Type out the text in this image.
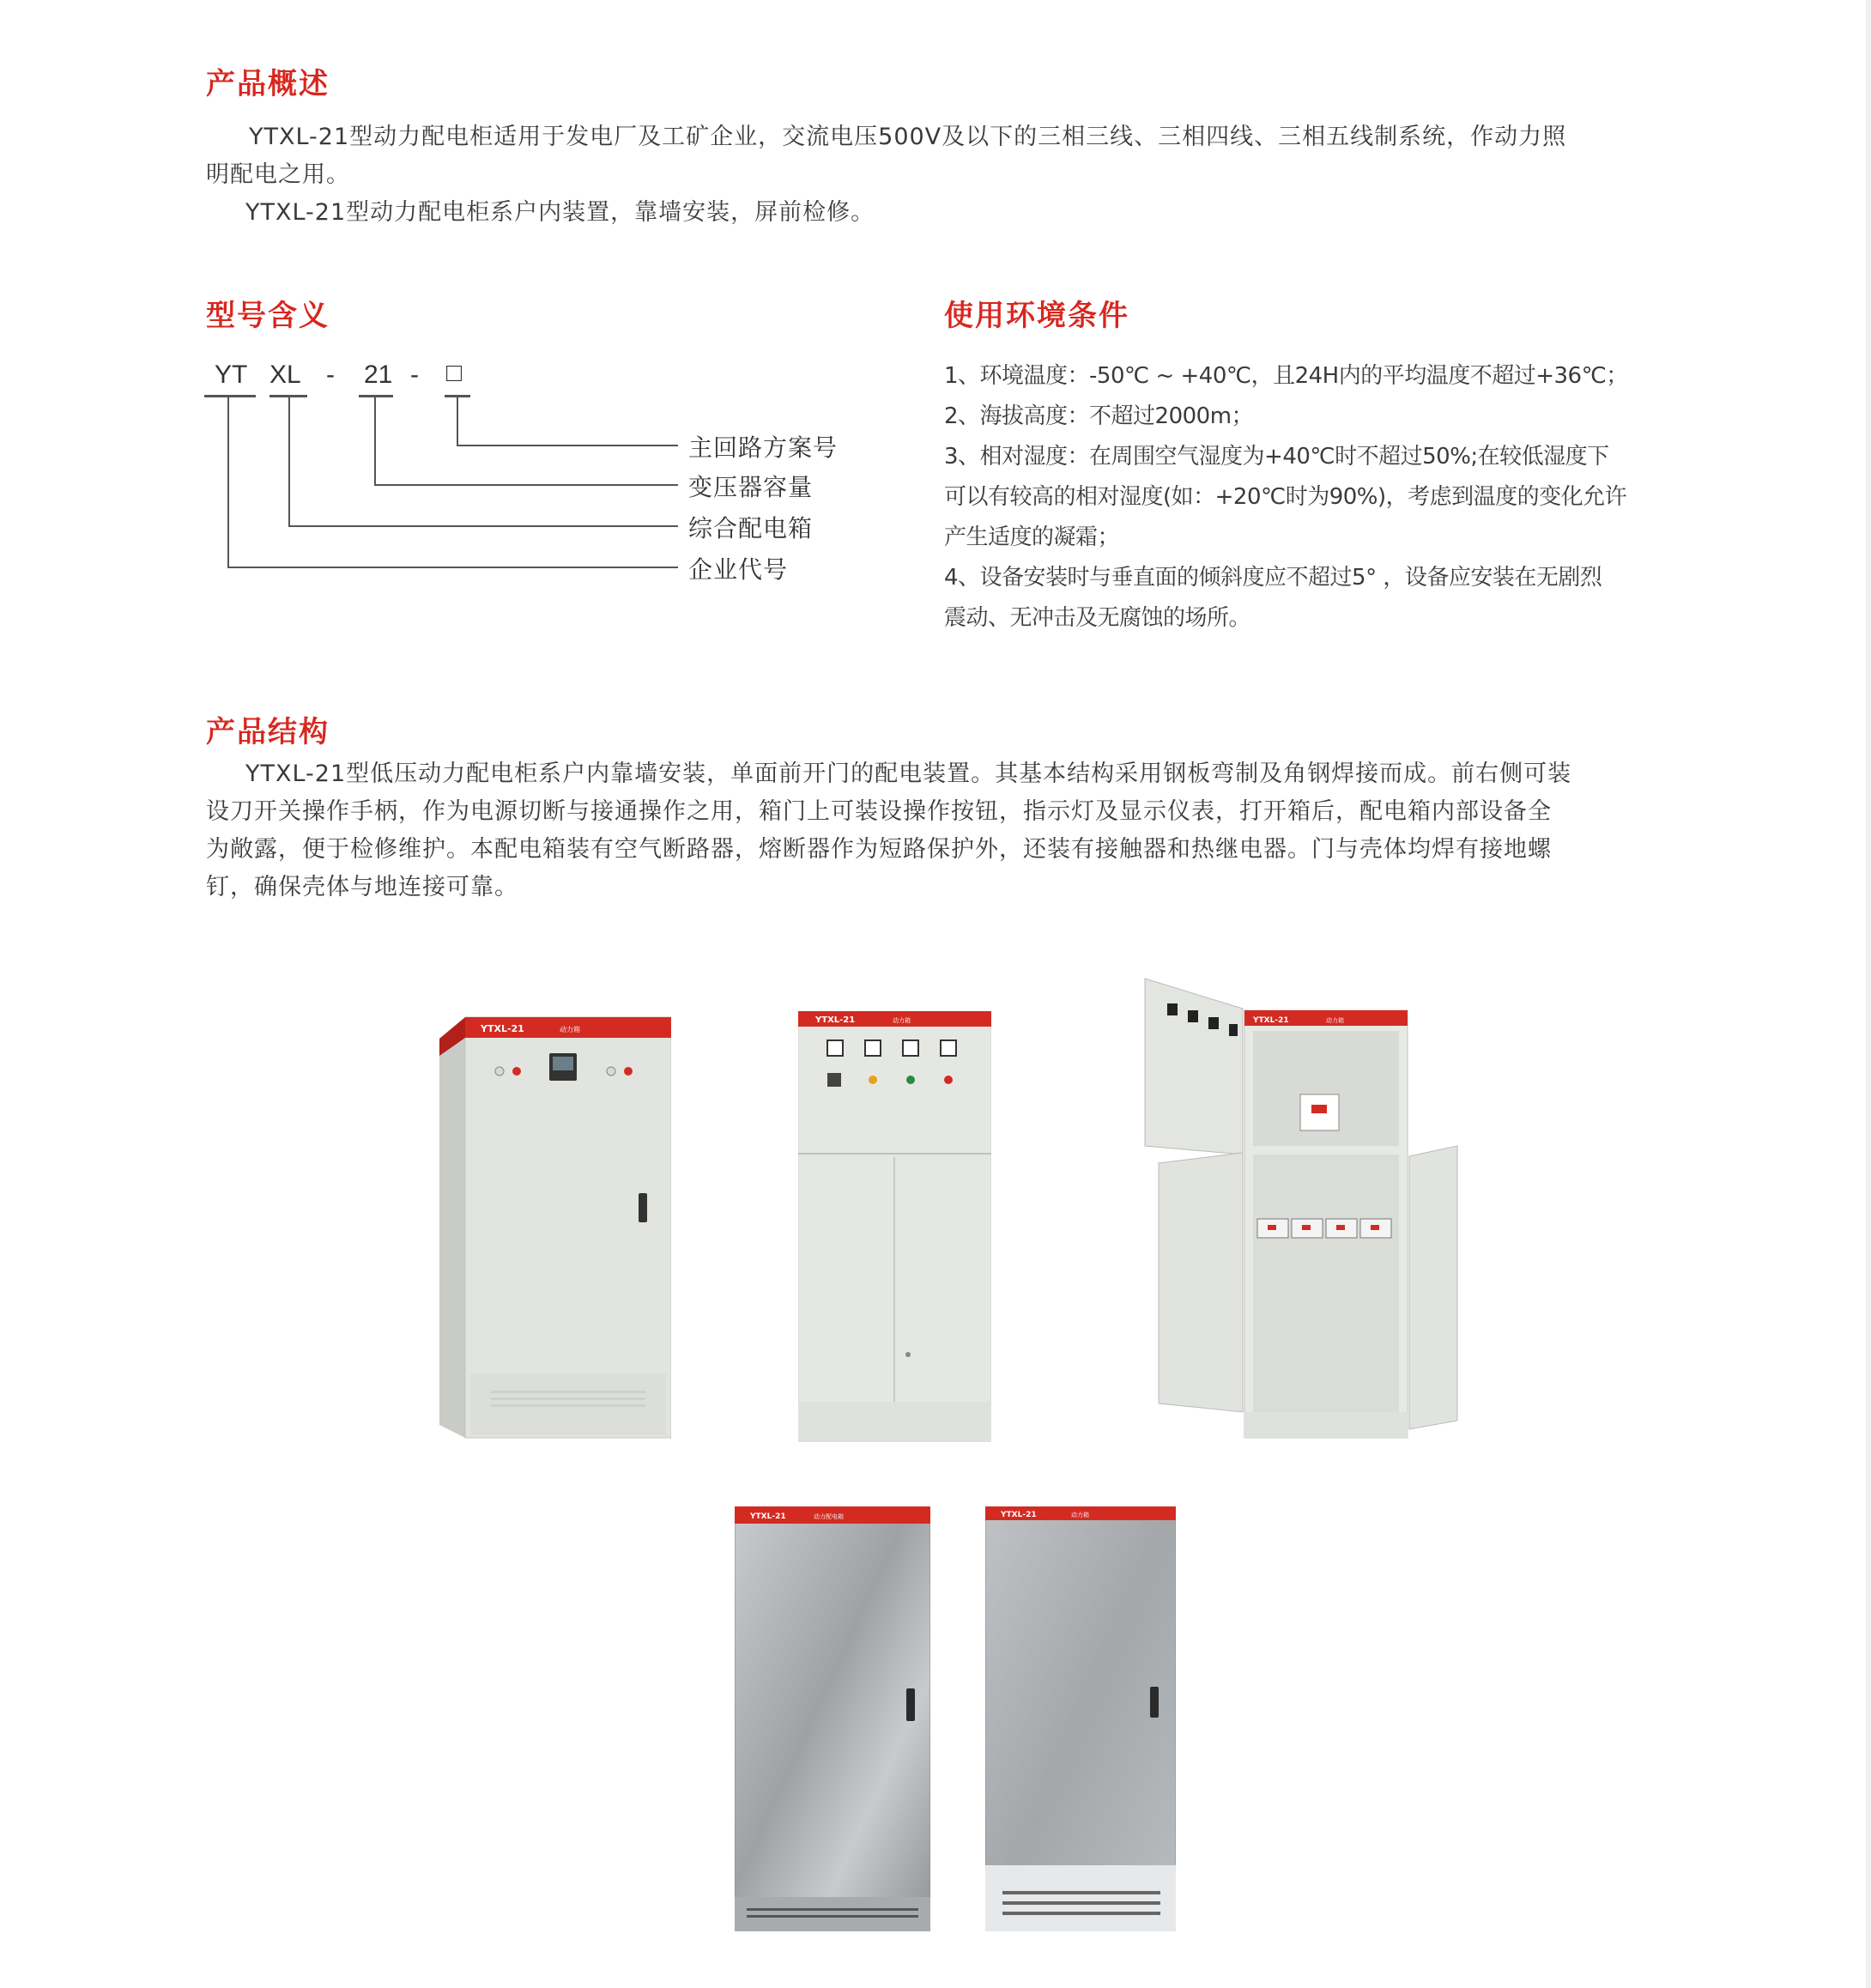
产品概述
YTXL-21型动力配电柜适用于发电厂及工矿企业，交流电压500V及以下的三相三线、三相四线、三相五线制系统，作动力照
明配电之用。
YTXL-21型动力配电柜系户内装置，靠墙安装，屏前检修。
型号含义
YT XL - 21 - □
主回路方案号
变压器容量
综合配电箱
企业代号
使用环境条件
1、环境温度：-50℃ ~ +40℃，且24H内的平均温度不超过+36℃；
2、海拔高度：不超过2000m；
3、相对湿度：在周围空气湿度为+40℃时不超过50%;在较低湿度下
可以有较高的相对湿度(如：+20℃时为90%)，考虑到温度的变化允许
产生适度的凝霜；
4、设备安装时与垂直面的倾斜度应不超过5° ，设备应安装在无剧烈
震动、无冲击及无腐蚀的场所。
产品结构
YTXL-21型低压动力配电柜系户内靠墙安装，单面前开门的配电装置。其基本结构采用钢板弯制及角钢焊接而成。前右侧可装
设刀开关操作手柄，作为电源切断与接通操作之用，箱门上可装设操作按钮，指示灯及显示仪表，打开箱后，配电箱内部设备全
为敞露，便于检修维护。本配电箱装有空气断路器，熔断器作为短路保护外，还装有接触器和热继电器。门与壳体均焊有接地螺
钉，确保壳体与地连接可靠。
YTXL-21	动力箱
YTXL-21	动力箱	YTXL-21	动力箱
YTXL-21	动力配电箱	YTXL-21	动力箱
